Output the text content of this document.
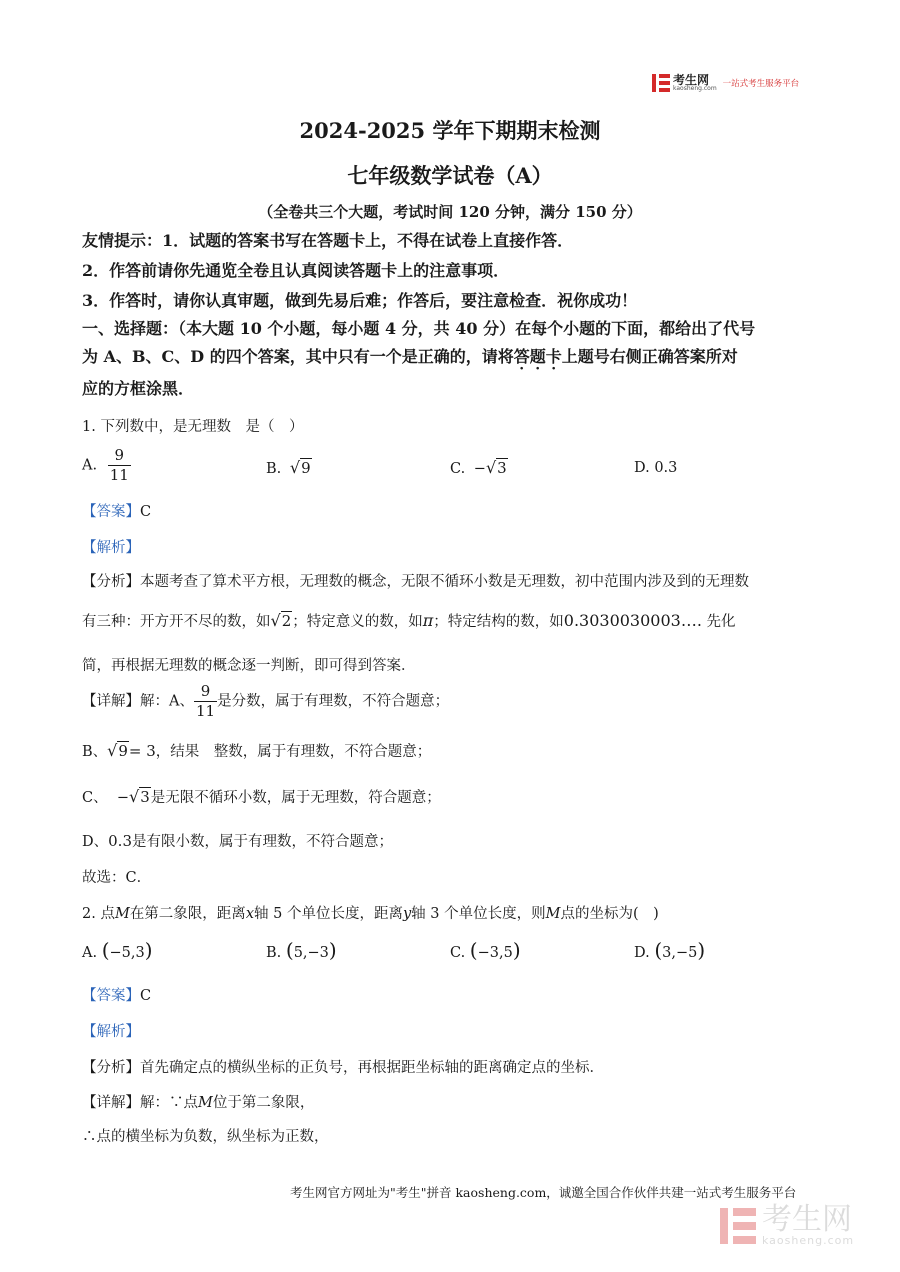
考生网
kaosheng.com 一站式考生服务平台
2024-2025 学年下期期末检测
七年级数学试卷（A）
（全卷共三个大题，考试时间 120 分钟，满分 150 分）
友情提示：1．试题的答案书写在答题卡上，不得在试卷上直接作答．
2．作答前请你先通览全卷且认真阅读答题卡上的注意事项．
3．作答时，请你认真审题，做到先易后难；作答后，要注意检查．祝你成功！
一、选择题：（本大题 10 个小题，每小题 4 分，共 40 分）在每个小题的下面，都给出了代号
为 A、B、C、D 的四个答案，其中只有一个是正确的，请将答题卡上题号右侧正确答案所对
应的方框涂黑．
1. 下列数中，是无理数　是（　）
A. $\frac{9}{11}$	B. √9	C. −√3	D. 0.3
【答案】C
【解析】
【分析】本题考查了算术平方根，无理数的概念，无限不循环小数是无理数，初中范围内涉及到的无理数
有三种：开方开不尽的数，如√2；特定意义的数，如π；特定结构的数，如0.3030030003…. 先化
简，再根据无理数的概念逐一判断，即可得到答案．
【详解】解：A、 $\frac{9}{11}$ 是分数，属于有理数，不符合题意；
B、√9= 3，结果　整数，属于有理数，不符合题意；
C、 −√3是无限不循环小数，属于无理数，符合题意；
D、0.3是有限小数，属于有理数，不符合题意；
故选：C．
2. 点M在第二象限，距离x轴 5 个单位长度，距离y轴 3 个单位长度，则M点的坐标为(　)
A. (−5,3)	B. (5,−3)	C. (−3,5)	D. (3,−5)
【答案】C
【解析】
【分析】首先确定点的横纵坐标的正负号，再根据距坐标轴的距离确定点的坐标．
【详解】解：∵点M位于第二象限，
∴点的横坐标为负数，纵坐标为正数，
考生网官方网址为"考生"拼音 kaosheng.com，诚邀全国合作伙伴共建一站式考生服务平台
考生网
kaosheng.com
